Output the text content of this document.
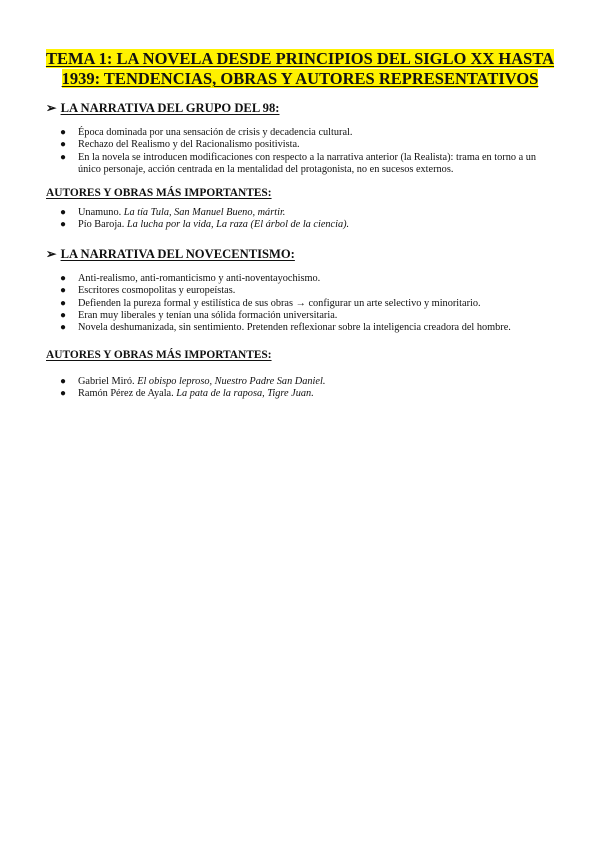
TEMA 1: LA NOVELA DESDE PRINCIPIOS DEL SIGLO XX HASTA
1939: TENDENCIAS, OBRAS Y AUTORES REPRESENTATIVOS
➢ LA NARRATIVA DEL GRUPO DEL 98:
● Época dominada por una sensación de crisis y decadencia cultural.
● Rechazo del Realismo y del Racionalismo positivista.
● En la novela se introducen modificaciones con respecto a la narrativa anterior (la Realista): trama en torno a un único personaje, acción centrada en la mentalidad del protagonista, no en sucesos externos.
AUTORES Y OBRAS MÁS IMPORTANTES:
● Unamuno. La tía Tula, San Manuel Bueno, mártir.
● Pío Baroja. La lucha por la vida, La raza (El árbol de la ciencia).
➢ LA NARRATIVA DEL NOVECENTISMO:
● Anti-realismo, anti-romanticismo y anti-noventayochismo.
● Escritores cosmopolitas y europeístas.
● Defienden la pureza formal y estilística de sus obras → configurar un arte selectivo y minoritario.
● Eran muy liberales y tenían una sólida formación universitaria.
● Novela deshumanizada, sin sentimiento. Pretenden reflexionar sobre la inteligencia creadora del hombre.
AUTORES Y OBRAS MÁS IMPORTANTES:
● Gabriel Miró. El obispo leproso, Nuestro Padre San Daniel.
● Ramón Pérez de Ayala. La pata de la raposa, Tigre Juan.
